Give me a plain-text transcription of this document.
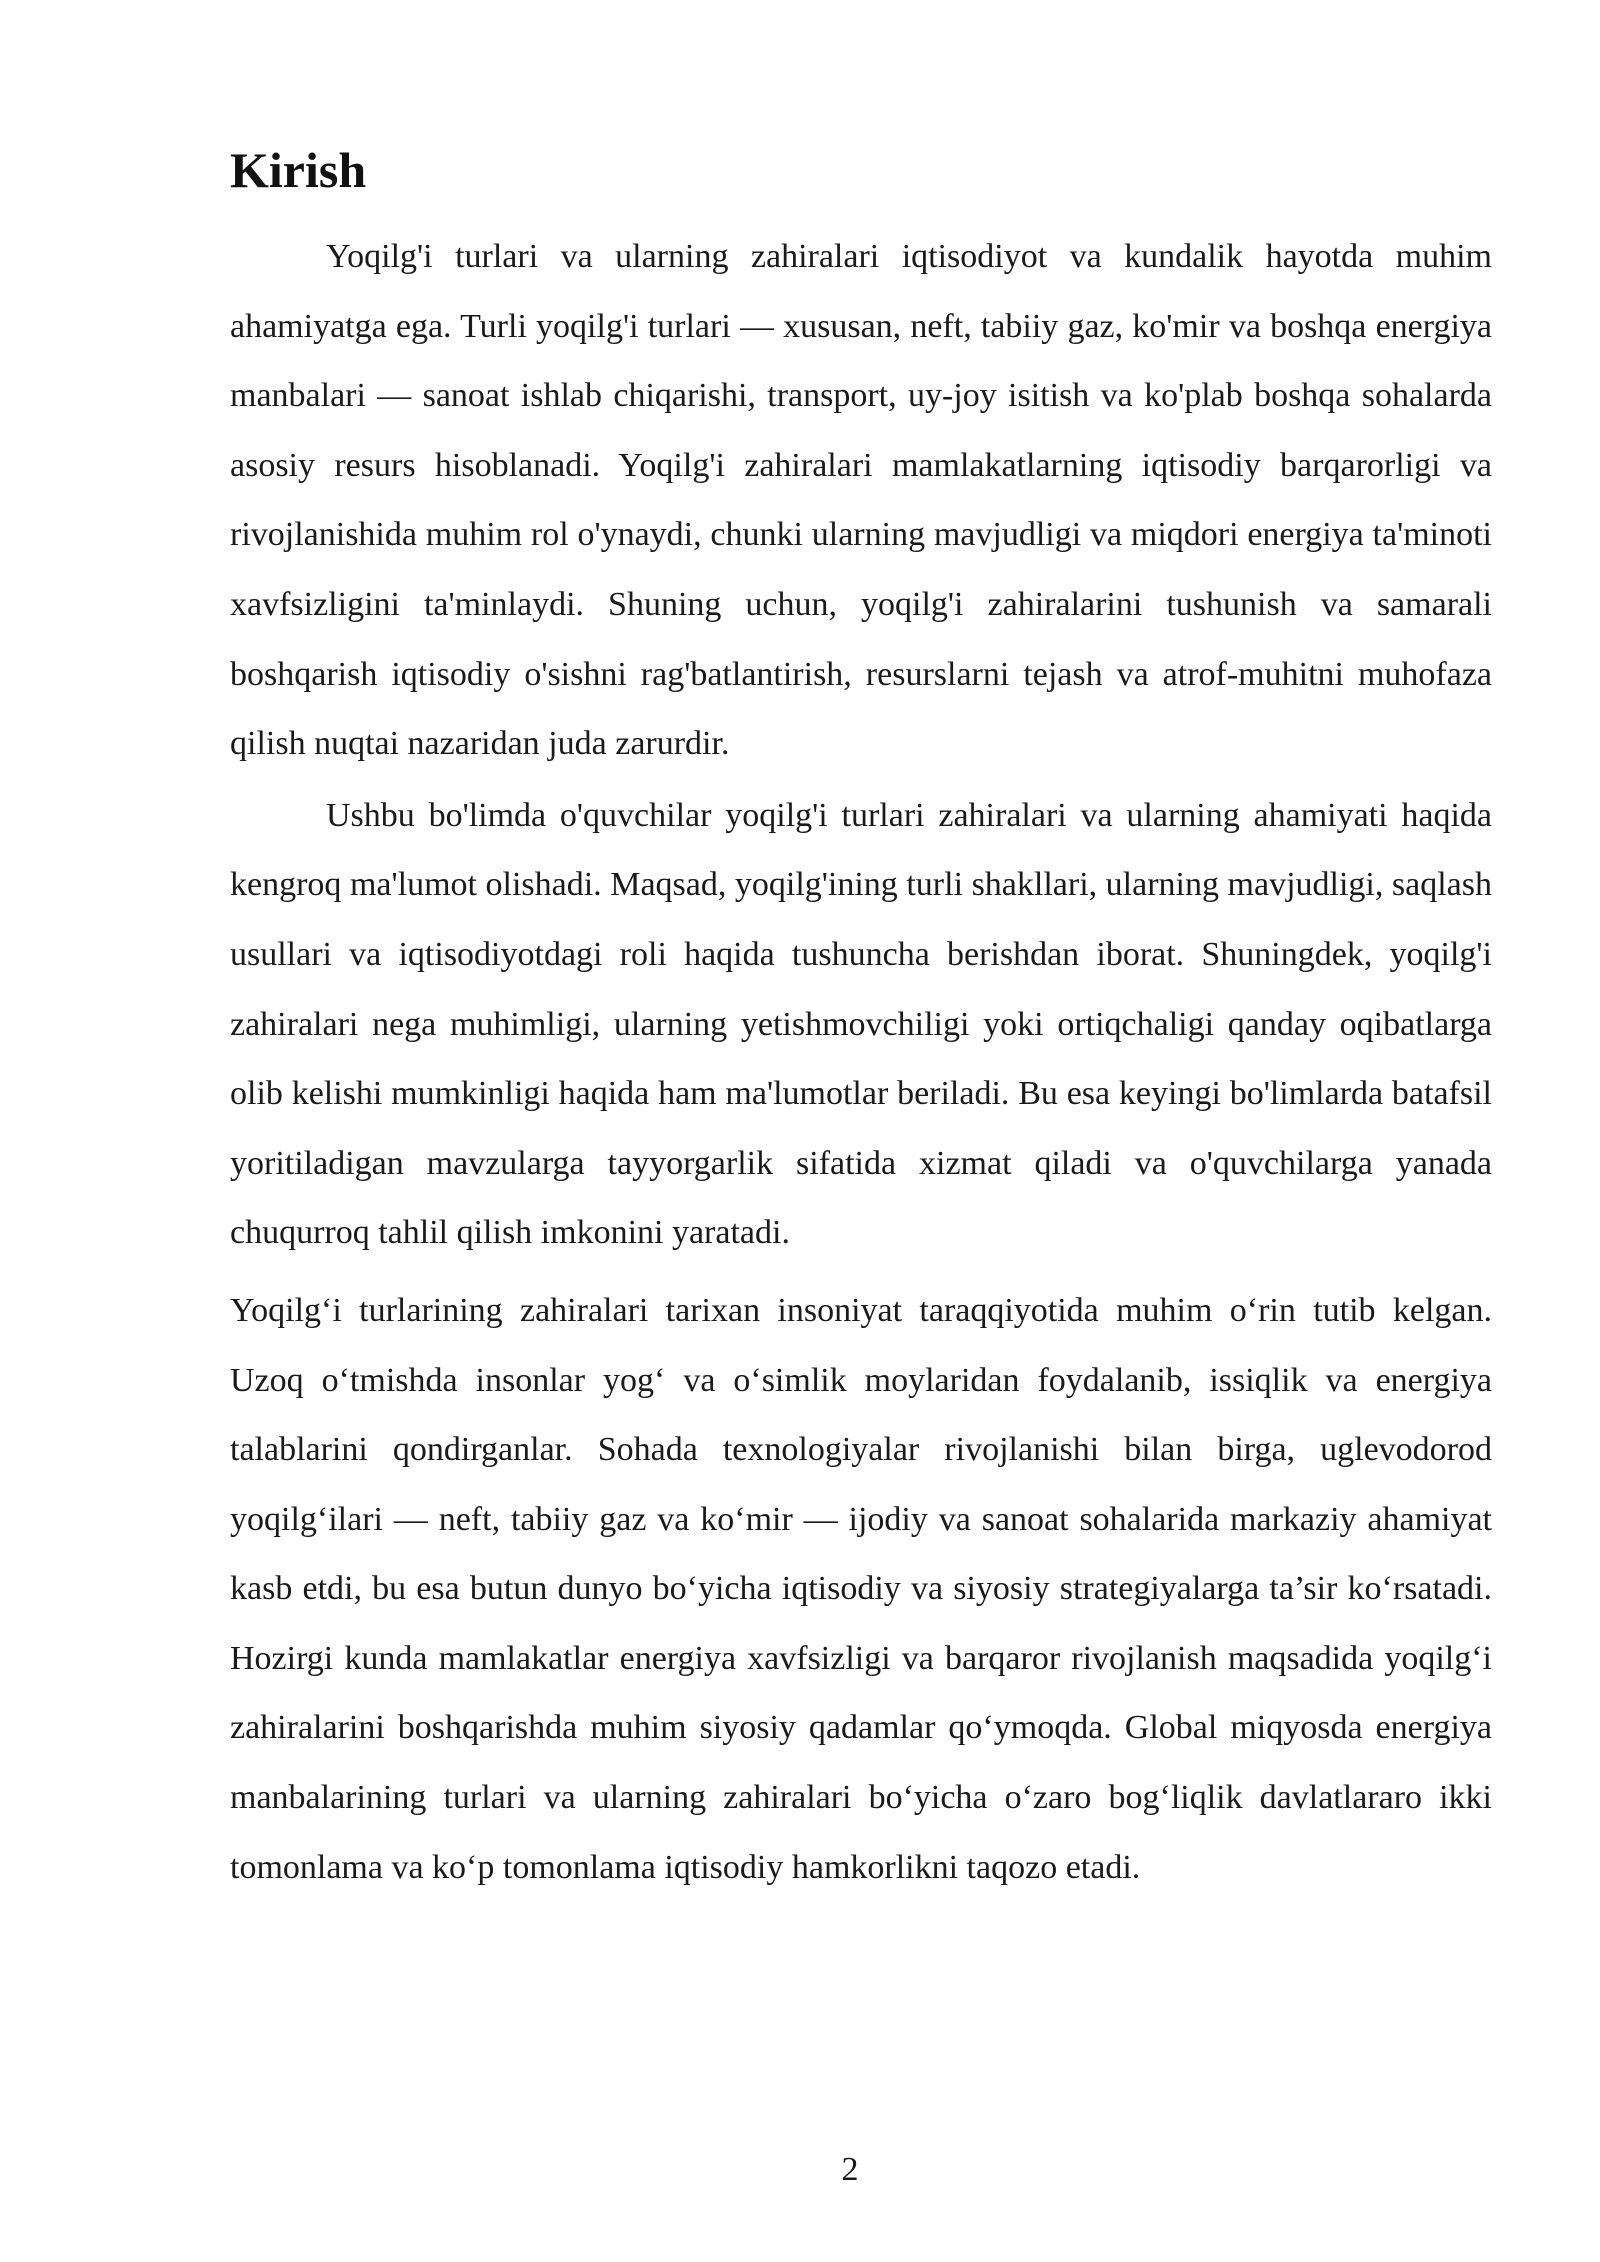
Kirish

Yoqilg'i turlari va ularning zahiralari iqtisodiyot va kundalik hayotda muhim ahamiyatga ega. Turli yoqilg'i turlari — xususan, neft, tabiiy gaz, ko'mir va boshqa energiya manbalari — sanoat ishlab chiqarishi, transport, uy-joy isitish va ko'plab boshqa sohalarda asosiy resurs hisoblanadi. Yoqilg'i zahiralari mamlakatlarning iqtisodiy barqarorligi va rivojlanishida muhim rol o'ynaydi, chunki ularning mavjudligi va miqdori energiya ta'minoti xavfsizligini ta'minlaydi. Shuning uchun, yoqilg'i zahiralarini tushunish va samarali boshqarish iqtisodiy o'sishni rag'batlantirish, resurslarni tejash va atrof-muhitni muhofaza qilish nuqtai nazaridan juda zarurdir.

Ushbu bo'limda o'quvchilar yoqilg'i turlari zahiralari va ularning ahamiyati haqida kengroq ma'lumot olishadi. Maqsad, yoqilg'ining turli shakllari, ularning mavjudligi, saqlash usullari va iqtisodiyotdagi roli haqida tushuncha berishdan iborat. Shuningdek, yoqilg'i zahiralari nega muhimligi, ularning yetishmovchiligi yoki ortiqchaligi qanday oqibatlarga olib kelishi mumkinligi haqida ham ma'lumotlar beriladi. Bu esa keyingi bo'limlarda batafsil yoritiladigan mavzularga tayyorgarlik sifatida xizmat qiladi va o'quvchilarga yanada chuqurroq tahlil qilish imkonini yaratadi.

Yoqilg‘i turlarining zahiralari tarixan insoniyat taraqqiyotida muhim o‘rin tutib kelgan. Uzoq o‘tmishda insonlar yog‘ va o‘simlik moylaridan foydalanib, issiqlik va energiya talablarini qondirganlar. Sohada texnologiyalar rivojlanishi bilan birga, uglevodorod yoqilg‘ilari — neft, tabiiy gaz va ko‘mir — ijodiy va sanoat sohalarida markaziy ahamiyat kasb etdi, bu esa butun dunyo bo‘yicha iqtisodiy va siyosiy strategiyalarga ta’sir ko‘rsatadi. Hozirgi kunda mamlakatlar energiya xavfsizligi va barqaror rivojlanish maqsadida yoqilg‘i zahiralarini boshqarishda muhim siyosiy qadamlar qo‘ymoqda. Global miqyosda energiya manbalarining turlari va ularning zahiralari bo‘yicha o‘zaro bog‘liqlik davlatlararo ikki tomonlama va ko‘p tomonlama iqtisodiy hamkorlikni taqozo etadi.

2
